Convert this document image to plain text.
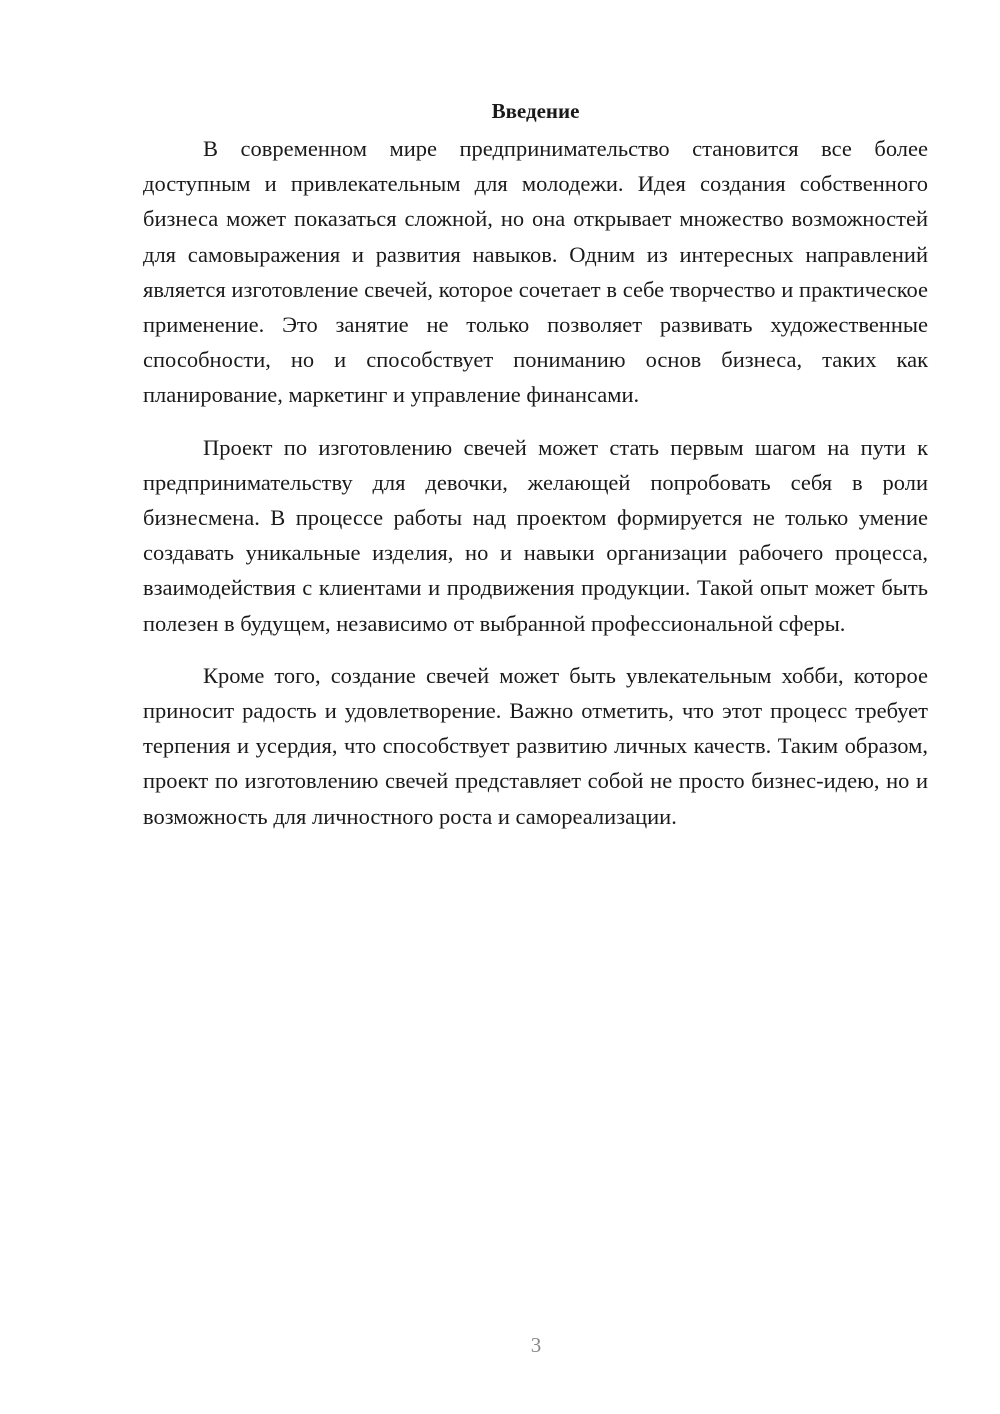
Введение

В современном мире предпринимательство становится все более доступным и привлекательным для молодежи. Идея создания собственного бизнеса может показаться сложной, но она открывает множество возможностей для самовыражения и развития навыков. Одним из интересных направлений является изготовление свечей, которое сочетает в себе творчество и практическое применение. Это занятие не только позволяет развивать художественные способности, но и способствует пониманию основ бизнеса, таких как планирование, маркетинг и управление финансами.

Проект по изготовлению свечей может стать первым шагом на пути к предпринимательству для девочки, желающей попробовать себя в роли бизнесмена. В процессе работы над проектом формируется не только умение создавать уникальные изделия, но и навыки организации рабочего процесса, взаимодействия с клиентами и продвижения продукции. Такой опыт может быть полезен в будущем, независимо от выбранной профессиональной сферы.

Кроме того, создание свечей может быть увлекательным хобби, которое приносит радость и удовлетворение. Важно отметить, что этот процесс требует терпения и усердия, что способствует развитию личных качеств. Таким образом, проект по изготовлению свечей представляет собой не просто бизнес-идею, но и возможность для личностного роста и самореализации.

3
